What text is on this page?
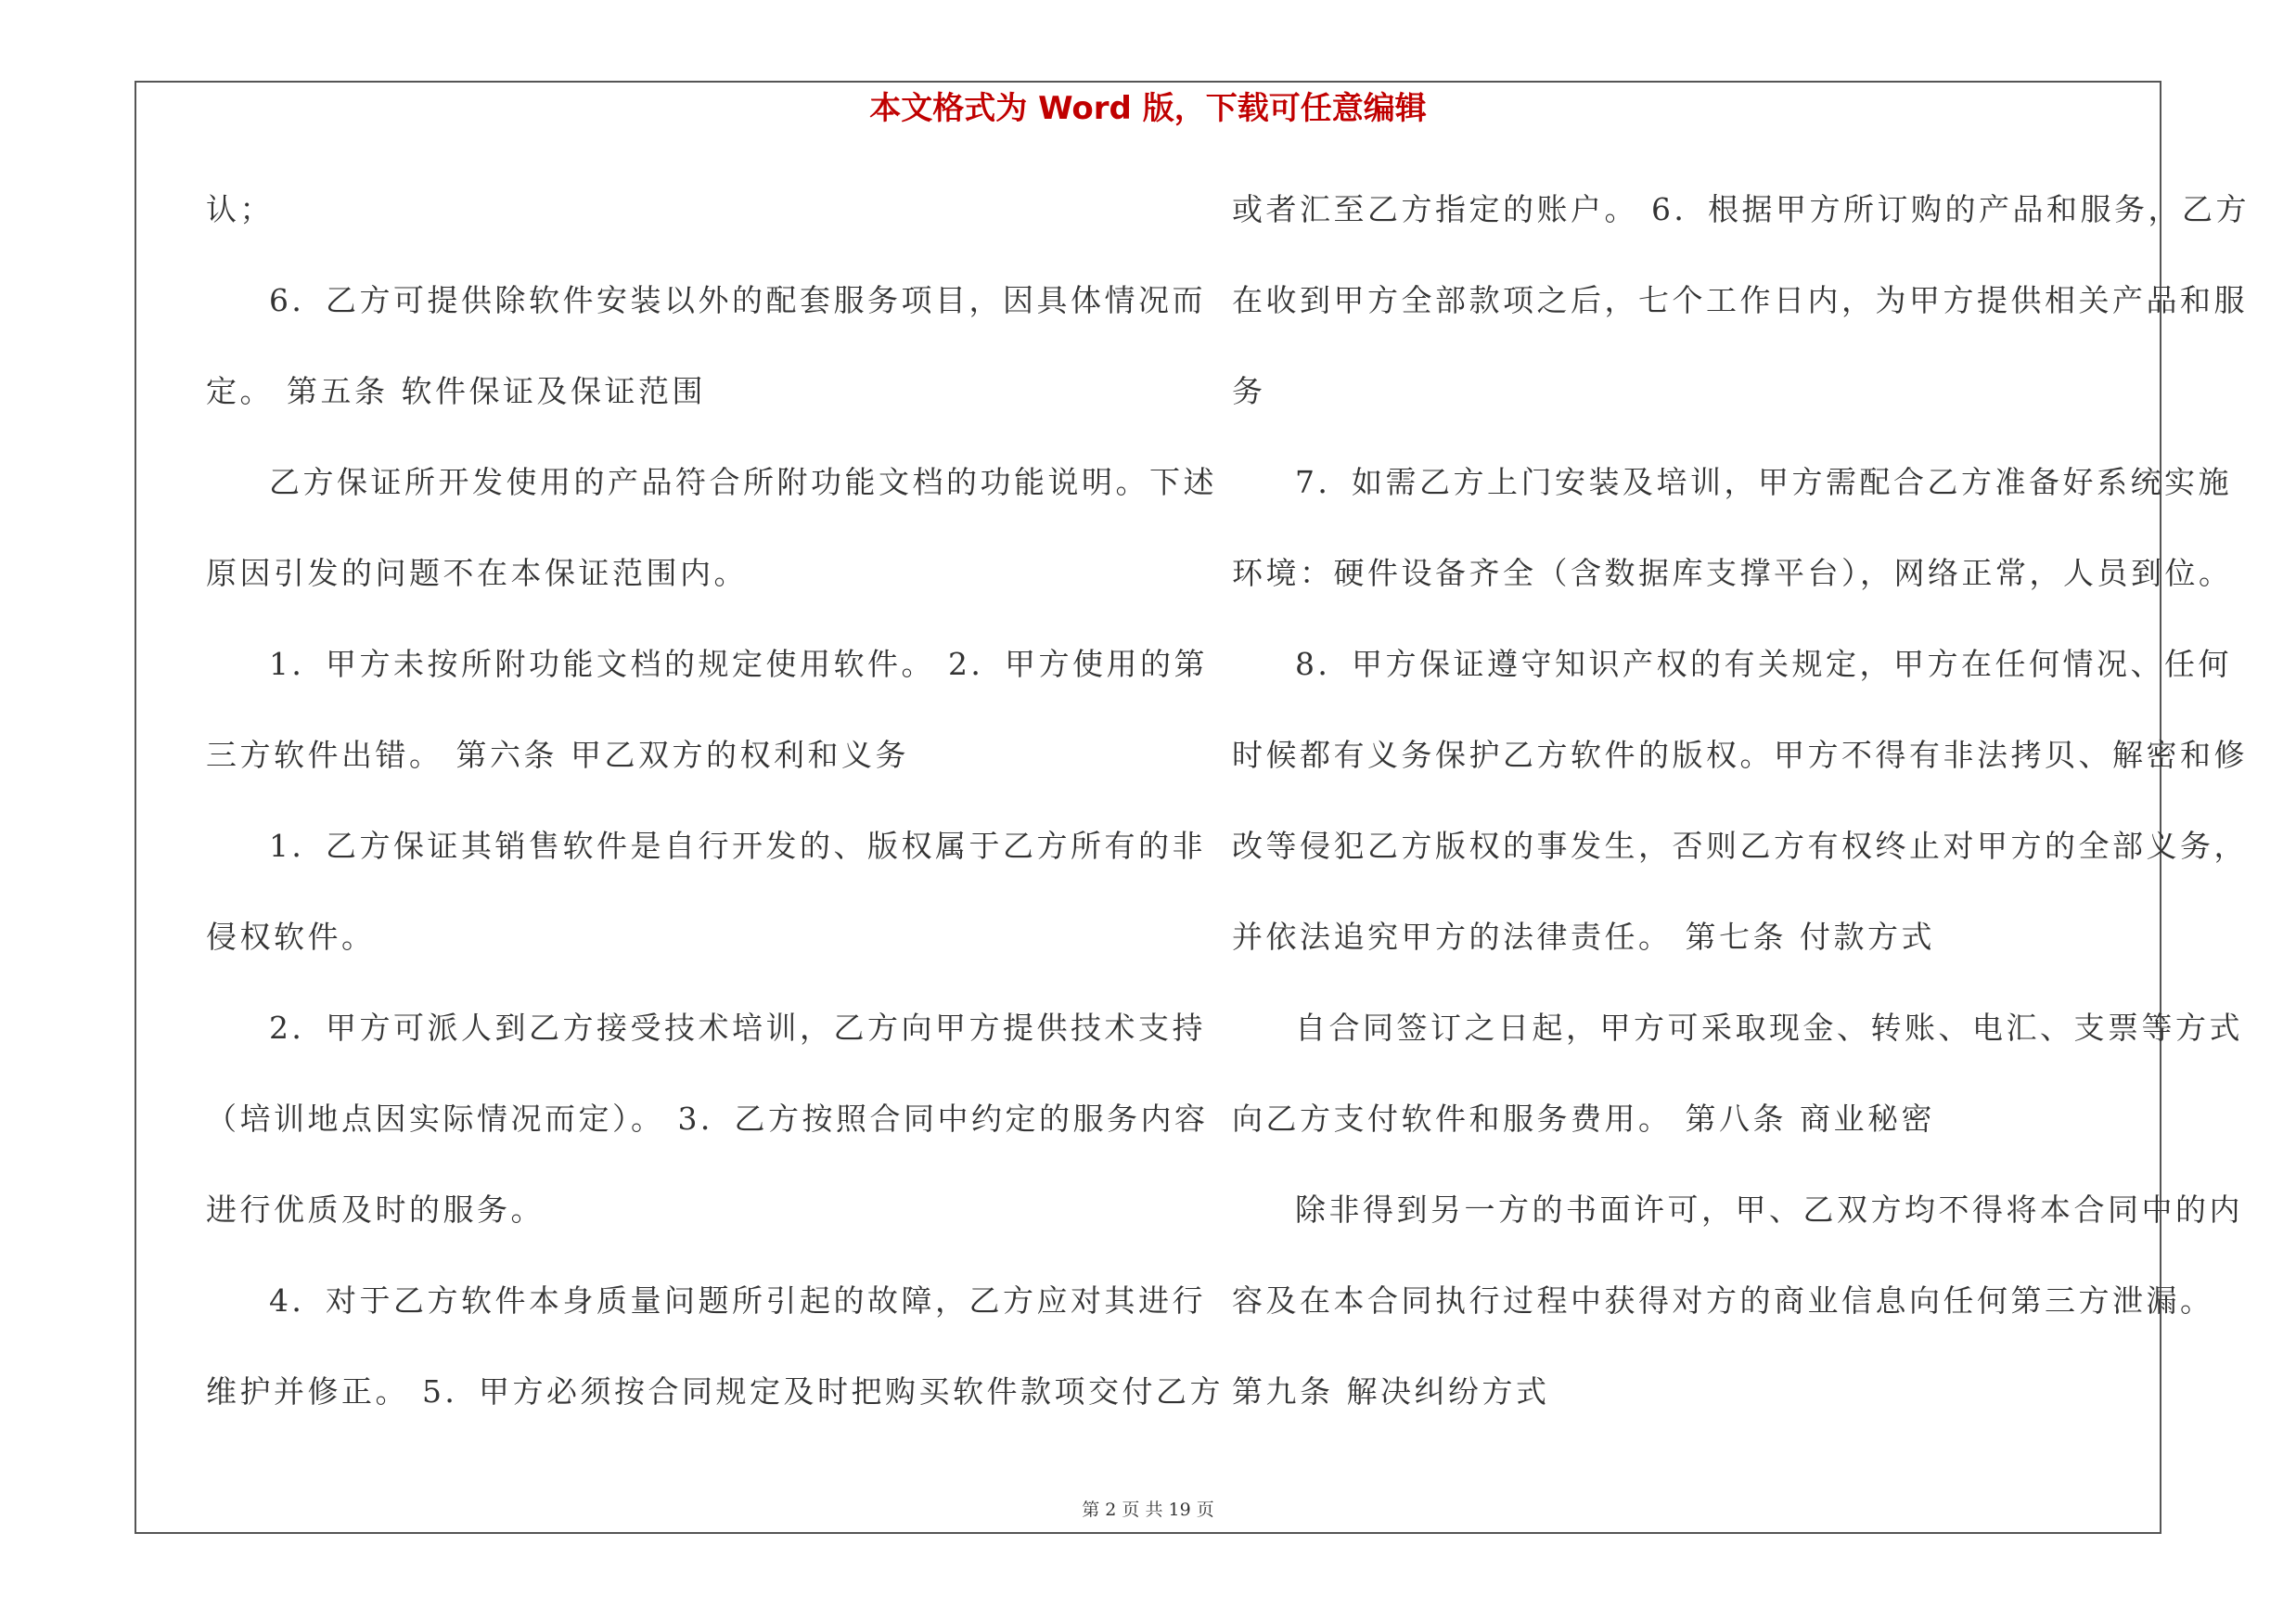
本文格式为 Word 版，下载可任意编辑
认；
6．乙方可提供除软件安装以外的配套服务项目，因具体情况而
定。 第五条 软件保证及保证范围
乙方保证所开发使用的产品符合所附功能文档的功能说明。下述
原因引发的问题不在本保证范围内。
1．甲方未按所附功能文档的规定使用软件。 2．甲方使用的第
三方软件出错。 第六条 甲乙双方的权利和义务
1．乙方保证其销售软件是自行开发的、版权属于乙方所有的非
侵权软件。
2．甲方可派人到乙方接受技术培训，乙方向甲方提供技术支持
（培训地点因实际情况而定）。 3．乙方按照合同中约定的服务内容
进行优质及时的服务。
4．对于乙方软件本身质量问题所引起的故障，乙方应对其进行
维护并修正。 5．甲方必须按合同规定及时把购买软件款项交付乙方
或者汇至乙方指定的账户。 6．根据甲方所订购的产品和服务，乙方
在收到甲方全部款项之后，七个工作日内，为甲方提供相关产品和服
务
7．如需乙方上门安装及培训，甲方需配合乙方准备好系统实施
环境：硬件设备齐全（含数据库支撑平台），网络正常，人员到位。
8．甲方保证遵守知识产权的有关规定，甲方在任何情况、任何
时候都有义务保护乙方软件的版权。甲方不得有非法拷贝、解密和修
改等侵犯乙方版权的事发生，否则乙方有权终止对甲方的全部义务，
并依法追究甲方的法律责任。 第七条 付款方式
自合同签订之日起，甲方可采取现金、转账、电汇、支票等方式
向乙方支付软件和服务费用。 第八条 商业秘密
除非得到另一方的书面许可，甲、乙双方均不得将本合同中的内
容及在本合同执行过程中获得对方的商业信息向任何第三方泄漏。
第九条 解决纠纷方式
第 2 页 共 19 页
